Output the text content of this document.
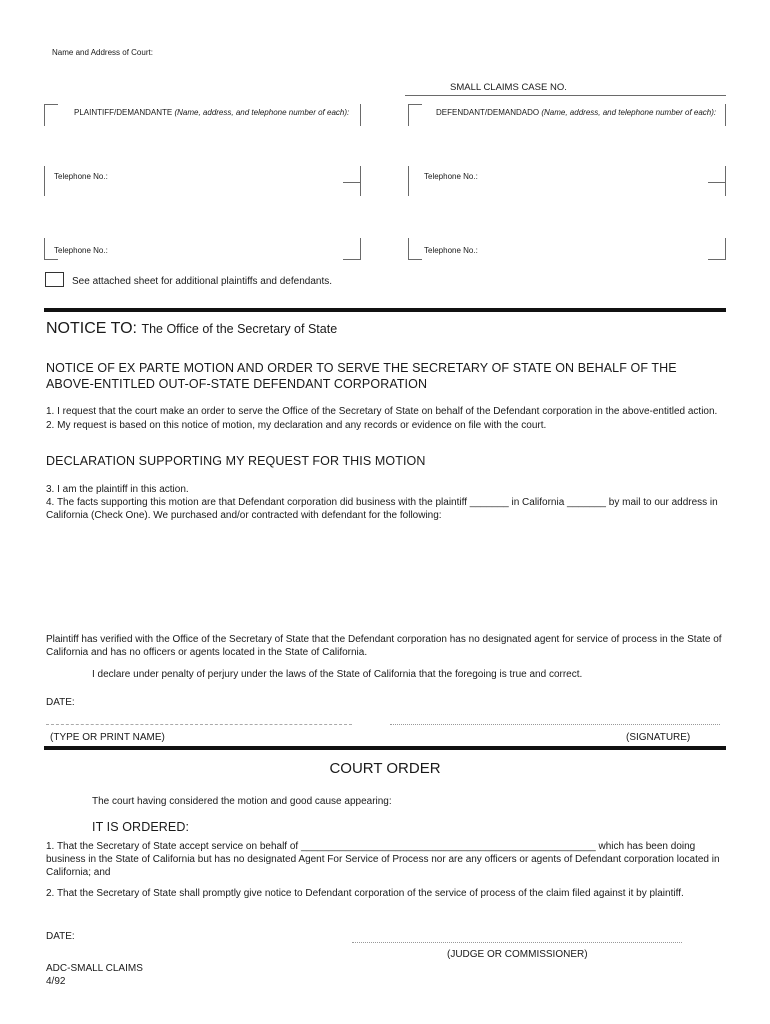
Name and Address of Court:
SMALL CLAIMS CASE NO.
PLAINTIFF/DEMANDANTE (Name, address, and telephone number of each):	DEFENDANT/DEMANDADO (Name, address, and telephone number of each):
Telephone No.:	Telephone No.:
Telephone No.:	Telephone No.:
See attached sheet for additional plaintiffs and defendants.
NOTICE TO: The Office of the Secretary of State
NOTICE OF EX PARTE MOTION AND ORDER TO SERVE THE SECRETARY OF STATE ON BEHALF OF THE ABOVE-ENTITLED OUT-OF-STATE DEFENDANT CORPORATION
1. I request that the court make an order to serve the Office of the Secretary of State on behalf of the Defendant corporation in the above-entitled action.
2. My request is based on this notice of motion, my declaration and any records or evidence on file with the court.
DECLARATION SUPPORTING MY REQUEST FOR THIS MOTION
3. I am the plaintiff in this action.
4. The facts supporting this motion are that Defendant corporation did business with the plaintiff _______ in California _______ by mail to our address in California (Check One). We purchased and/or contracted with defendant for the following:
Plaintiff has verified with the Office of the Secretary of State that the Defendant corporation has no designated agent for service of process in the State of California and has no officers or agents located in the State of California.
I declare under penalty of perjury under the laws of the State of California that the foregoing is true and correct.
DATE:
(TYPE OR PRINT NAME)	(SIGNATURE)
COURT ORDER
The court having considered the motion and good cause appearing:
IT IS ORDERED:
1. That the Secretary of State accept service on behalf of _____________________________________________________ which has been doing business in the State of California but has no designated Agent For Service of Process nor are any officers or agents of Defendant corporation located in California; and
2. That the Secretary of State shall promptly give notice to Defendant corporation of the service of process of the claim filed against it by plaintiff.
DATE:
(JUDGE OR COMMISSIONER)
ADC-SMALL CLAIMS
4/92
